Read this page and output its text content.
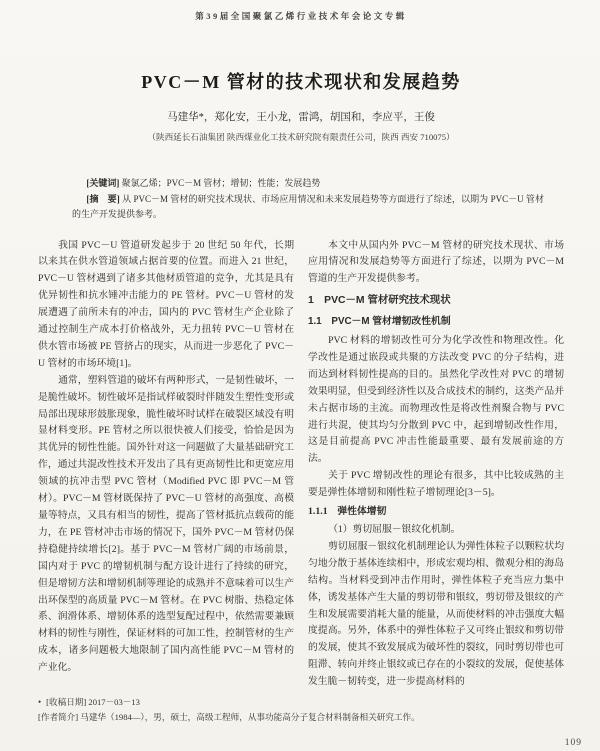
第39届全国聚氯乙烯行业技术年会论文专辑
PVC－M 管材的技术现状和发展趋势
马建华*，郑化安，王小龙，雷鸿，胡国和，李应平，王俊
（陕西延长石油集团 陕西煤业化工技术研究院有限责任公司，陕西 西安 710075）

[关键词] 聚氯乙烯；PVC－M 管材；增韧；性能；发展趋势

[摘　要] 从 PVC－M 管材的研究技术现状、市场应用情况和未来发展趋势等方面进行了综述，以期为 PVC－U 管材的生产开发提供参考。

我国 PVC－U 管道研发起步于 20 世纪 50 年代，长期以来其在供水管道领域占据首要的位置。而进入 21 世纪，PVC－U 管材遇到了诸多其他材质管道的竞争，尤其是具有优异韧性和抗水锤冲击能力的 PE 管材。PVC－U 管材的发展遭遇了前所未有的冲击，国内的 PVC 管材生产企业除了通过控制生产成本打价格战外，无力扭转 PVC－U 管材在供水管市场被 PE 管挤占的现实，从而进一步恶化了 PVC－U 管材的市场环境[1]。
通常，塑料管道的破坏有两种形式，一是韧性破坏，一是脆性破坏。韧性破坏是指试样破裂时伴随发生塑性变形或局部出现球形鼓胀现象，脆性破坏时试样在破裂区域没有明显材料变形。PE 管材之所以很快被人们接受，恰恰是因为其优异的韧性性能。国外针对这一问题做了大量基础研究工作，通过共混改性技术开发出了具有更高韧性比和更宽应用领域的抗冲击型 PVC 管材（Modified PVC 即 PVC－M 管材）。PVC－M 管材既保持了 PVC－U 管材的高强度、高模量等特点，又具有相当的韧性，提高了管材抵抗点载荷的能力，在 PE 管材冲击市场的情况下，国外 PVC－M 管材仍保持稳健持续增长[2]。基于 PVC－M 管材广阔的市场前景，国内对于 PVC 的增韧机制与配方设计进行了持续的研究，但是增韧方法和增韧机制等理论的成熟并不意味着可以生产出环保型的高质量 PVC－M 管材。在 PVC 树脂、热稳定体系、润滑体系、增韧体系的选型复配过程中，依然需要兼顾材料的韧性与刚性，保证材料的可加工性，控制管材的生产成本，诸多问题极大地限制了国内高性能 PVC－M 管材的产业化。
本文中从国内外 PVC－M 管材的研究技术现状、市场应用情况和发展趋势等方面进行了综述，以期为 PVC－M 管道的生产开发提供参考。
1　PVC－M 管材研究技术现状
1.1　PVC－M 管材增韧改性机制
PVC 材料的增韧改性可分为化学改性和物理改性。化学改性是通过嵌段或共聚的方法改变 PVC 的分子结构，进而达到材料韧性提高的目的。虽然化学改性对 PVC 的增韧效果明显，但受到经济性以及合成技术的制约，这类产品并未占据市场的主流。而物理改性是将改性剂聚合物与 PVC 进行共混，使其均匀分散到 PVC 中，起到增韧改性作用，这是目前提高 PVC 冲击性能最重要、最有发展前途的方法。
关于 PVC 增韧改性的理论有很多，其中比较成熟的主要是弹性体增韧和刚性粒子增韧理论[3－5]。
1.1.1　弹性体增韧
（1）剪切屈服－银纹化机制。
剪切屈服－银纹化机制理论认为弹性体粒子以颗粒状均匀地分散于基体连续相中，形成宏观均相、微观分相的海岛结构。当材料受到冲击作用时，弹性体粒子充当应力集中体，诱发基体产生大量的剪切带和银纹，剪切带及银纹的产生和发展需要消耗大量的能量，从而使材料的冲击强度大幅度提高。另外，体系中的弹性体粒子又可终止银纹和剪切带的发展，使其不致发展成为破坏性的裂纹，同时剪切带也可阻滞、转向并终止银纹或已存在的小裂纹的发展，促使基体发生脆－韧转变，进一步提高材料的
• [收稿日期] 2017－03－13
[作者简介] 马建华（1984—），男，硕士，高级工程师，从事功能高分子复合材料制备相关研究工作。
109
